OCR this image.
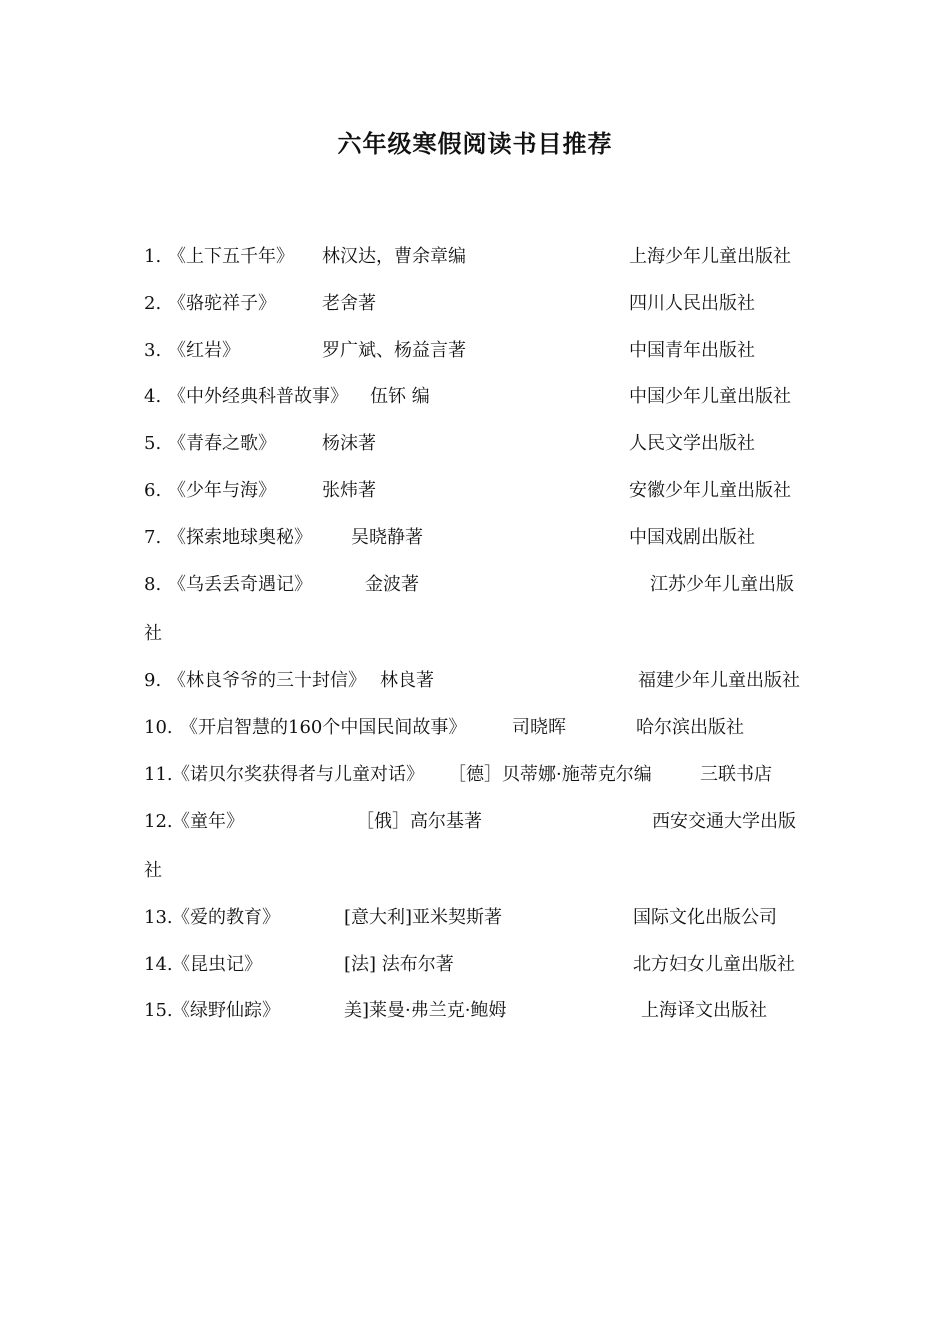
六年级寒假阅读书目推荐
1. 《上下五千年》 林汉达，曹余章编	上海少年儿童出版社
2. 《骆驼祥子》	老舍著	四川人民出版社
3. 《红岩》	罗广斌、杨益言著	中国青年出版社
4. 《中外经典科普故事》 伍钚 编	中国少年儿童出版社
5. 《青春之歌》	杨沫著	人民文学出版社
6. 《少年与海》	张炜著	安徽少年儿童出版社
7. 《探索地球奥秘》 吴晓静著	中国戏剧出版社
8. 《乌丢丢奇遇记》	金波著	江苏少年儿童出版
社
9. 《林良爷爷的三十封信》 林良著	福建少年儿童出版社
10. 《开启智慧的160个中国民间故事》	司晓晖	哈尔滨出版社
11. 《诺贝尔奖获得者与儿童对话》 ［德］贝蒂娜·施蒂克尔编	三联书店
12. 《童年》	［俄］高尔基著	西安交通大学出版
社
13. 《爱的教育》	[意大利]亚米契斯著	国际文化出版公司
14. 《昆虫记》	[法] 法布尔著	北方妇女儿童出版社
15. 《绿野仙踪》	美]莱曼·弗兰克·鲍姆	上海译文出版社
